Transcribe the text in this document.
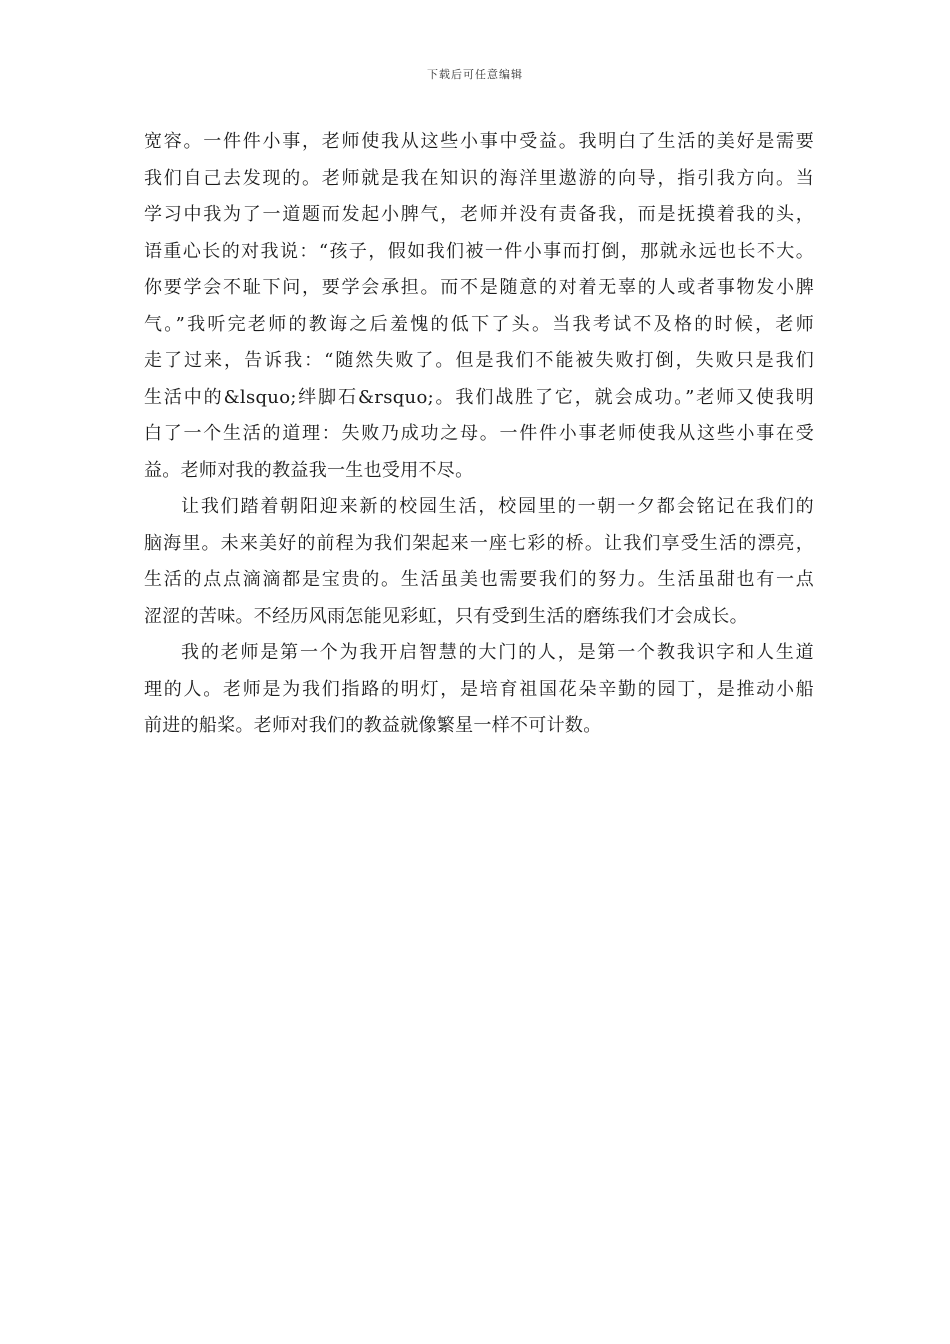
下载后可任意编辑
宽容。一件件小事，老师使我从这些小事中受益。我明白了生活的美好是需要
我们自己去发现的。老师就是我在知识的海洋里遨游的向导，指引我方向。当
学习中我为了一道题而发起小脾气，老师并没有责备我，而是抚摸着我的头，
语重心长的对我说：“孩子，假如我们被一件小事而打倒，那就永远也长不大。
你要学会不耻下问，要学会承担。而不是随意的对着无辜的人或者事物发小脾
气。”我听完老师的教诲之后羞愧的低下了头。当我考试不及格的时候，老师
走了过来，告诉我：“随然失败了。但是我们不能被失败打倒，失败只是我们
生活中的&lsquo;绊脚石&rsquo;。我们战胜了它，就会成功。”老师又使我明
白了一个生活的道理：失败乃成功之母。一件件小事老师使我从这些小事在受
益。老师对我的教益我一生也受用不尽。
让我们踏着朝阳迎来新的校园生活，校园里的一朝一夕都会铭记在我们的
脑海里。未来美好的前程为我们架起来一座七彩的桥。让我们享受生活的漂亮，
生活的点点滴滴都是宝贵的。生活虽美也需要我们的努力。生活虽甜也有一点
涩涩的苦味。不经历风雨怎能见彩虹，只有受到生活的磨练我们才会成长。
我的老师是第一个为我开启智慧的大门的人，是第一个教我识字和人生道
理的人。老师是为我们指路的明灯，是培育祖国花朵辛勤的园丁，是推动小船
前进的船桨。老师对我们的教益就像繁星一样不可计数。
